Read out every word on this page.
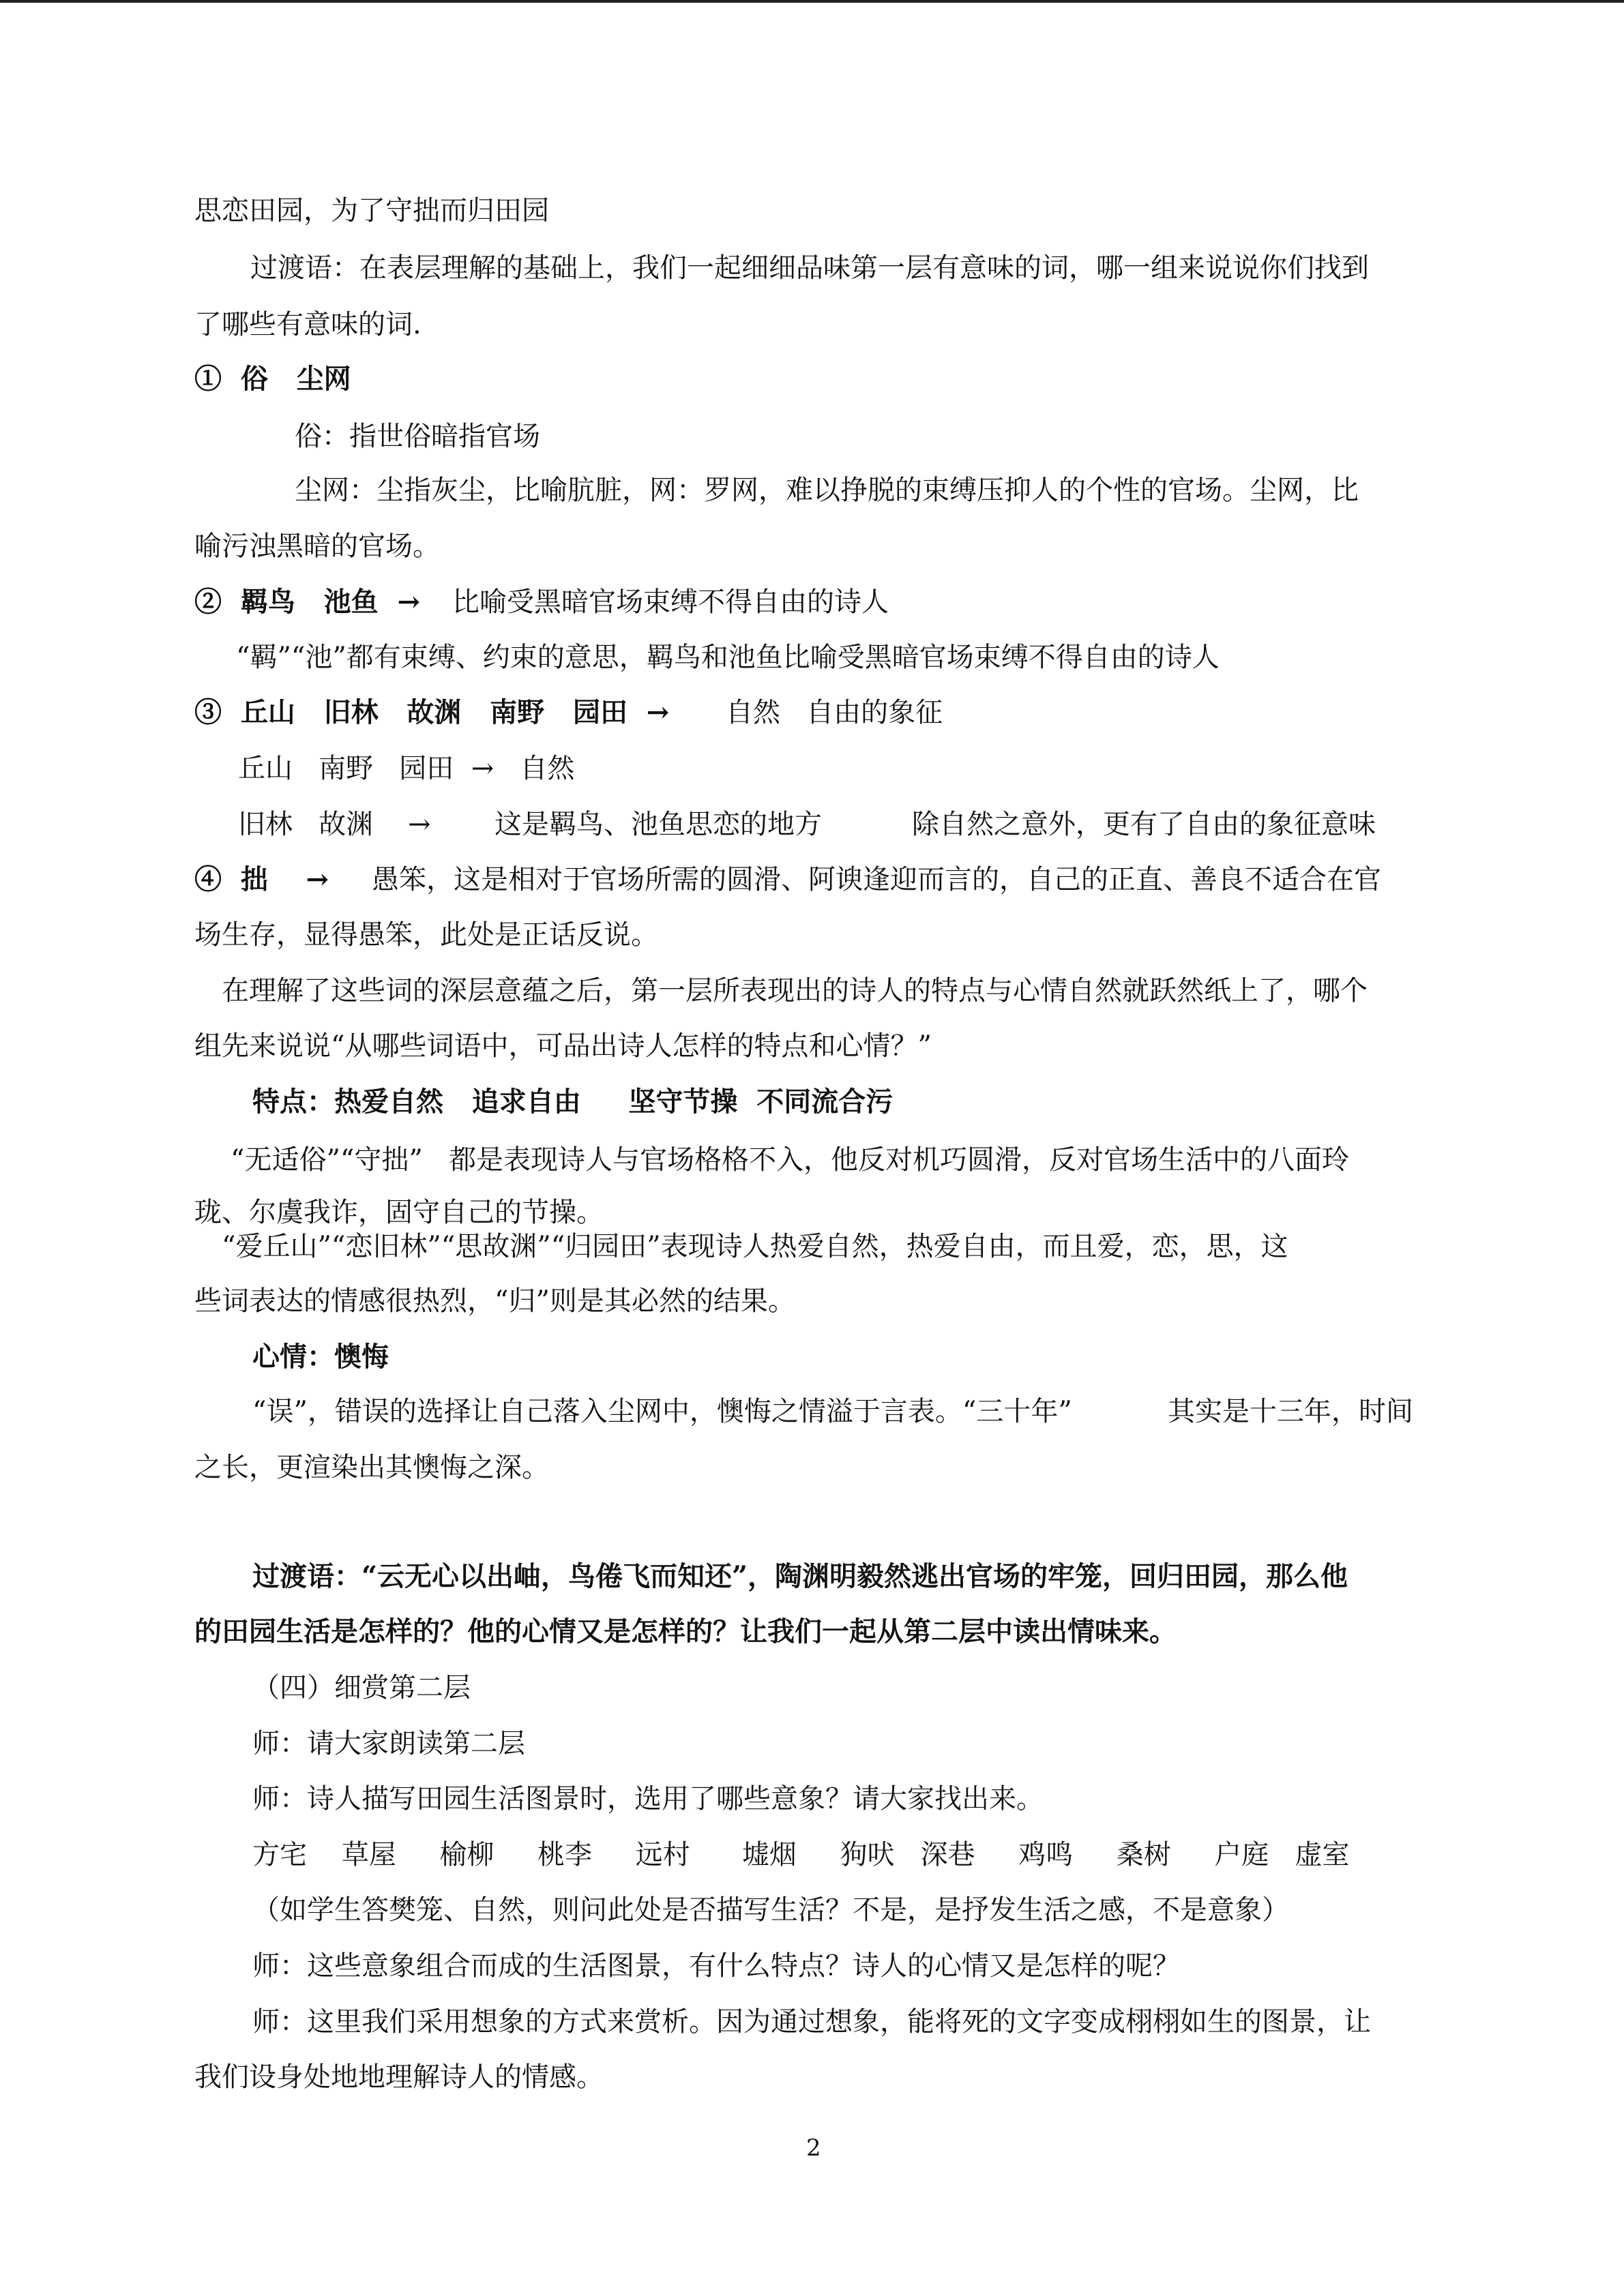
思恋田园，为了守拙而归田园
过渡语：在表层理解的基础上，我们一起细细品味第一层有意味的词，哪一组来说说你们找到
了哪些有意味的词.
①  俗   尘网
俗：指世俗暗指官场
尘网：尘指灰尘，比喻肮脏，网：罗网，难以挣脱的束缚压抑人的个性的官场。尘网，比
喻污浊黑暗的官场。
②  羁鸟   池鱼  → 比喻受黑暗官场束缚不得自由的诗人
“羁”“池”都有束缚、约束的意思，羁鸟和池鱼比喻受黑暗官场束缚不得自由的诗人
③  丘山   旧林   故渊   南野   园田  → 自然   自由的象征
丘山   南野   园田  →   自然
旧林   故渊    → 这是羁鸟、池鱼思恋的地方	除自然之意外，更有了自由的象征意味
④  拙    → 愚笨，这是相对于官场所需的圆滑、阿谀逢迎而言的，自己的正直、善良不适合在官
场生存，显得愚笨，此处是正话反说。
在理解了这些词的深层意蕴之后，第一层所表现出的诗人的特点与心情自然就跃然纸上了，哪个
组先来说说“从哪些词语中，可品出诗人怎样的特点和心情？”
特点：热爱自然   追求自由     坚守节操  不同流合污
“无适俗”“守拙”   都是表现诗人与官场格格不入，他反对机巧圆滑，反对官场生活中的八面玲
珑、尔虞我诈，固守自己的节操。
“爱丘山”“恋旧林”“思故渊”“归园田”表现诗人热爱自然，热爱自由，而且爱，恋，思，这
些词表达的情感很热烈，“归”则是其必然的结果。
心情：懊悔
“误”，错误的选择让自己落入尘网中，懊悔之情溢于言表。“三十年”	其实是十三年，时间
之长，更渲染出其懊悔之深。
过渡语：“云无心以出岫，鸟倦飞而知还”，陶渊明毅然逃出官场的牢笼，回归田园，那么他
的田园生活是怎样的？他的心情又是怎样的？让我们一起从第二层中读出情味来。
（四）细赏第二层
师：请大家朗读第二层
师：诗人描写田园生活图景时，选用了哪些意象？请大家找出来。
方宅    草屋     榆柳     桃李     远村      墟烟     狗吠   深巷     鸡鸣     桑树     户庭   虚室
（如学生答樊笼、自然，则问此处是否描写生活？不是，是抒发生活之感，不是意象）
师：这些意象组合而成的生活图景，有什么特点？诗人的心情又是怎样的呢？
师：这里我们采用想象的方式来赏析。因为通过想象，能将死的文字变成栩栩如生的图景，让
我们设身处地地理解诗人的情感。
2
